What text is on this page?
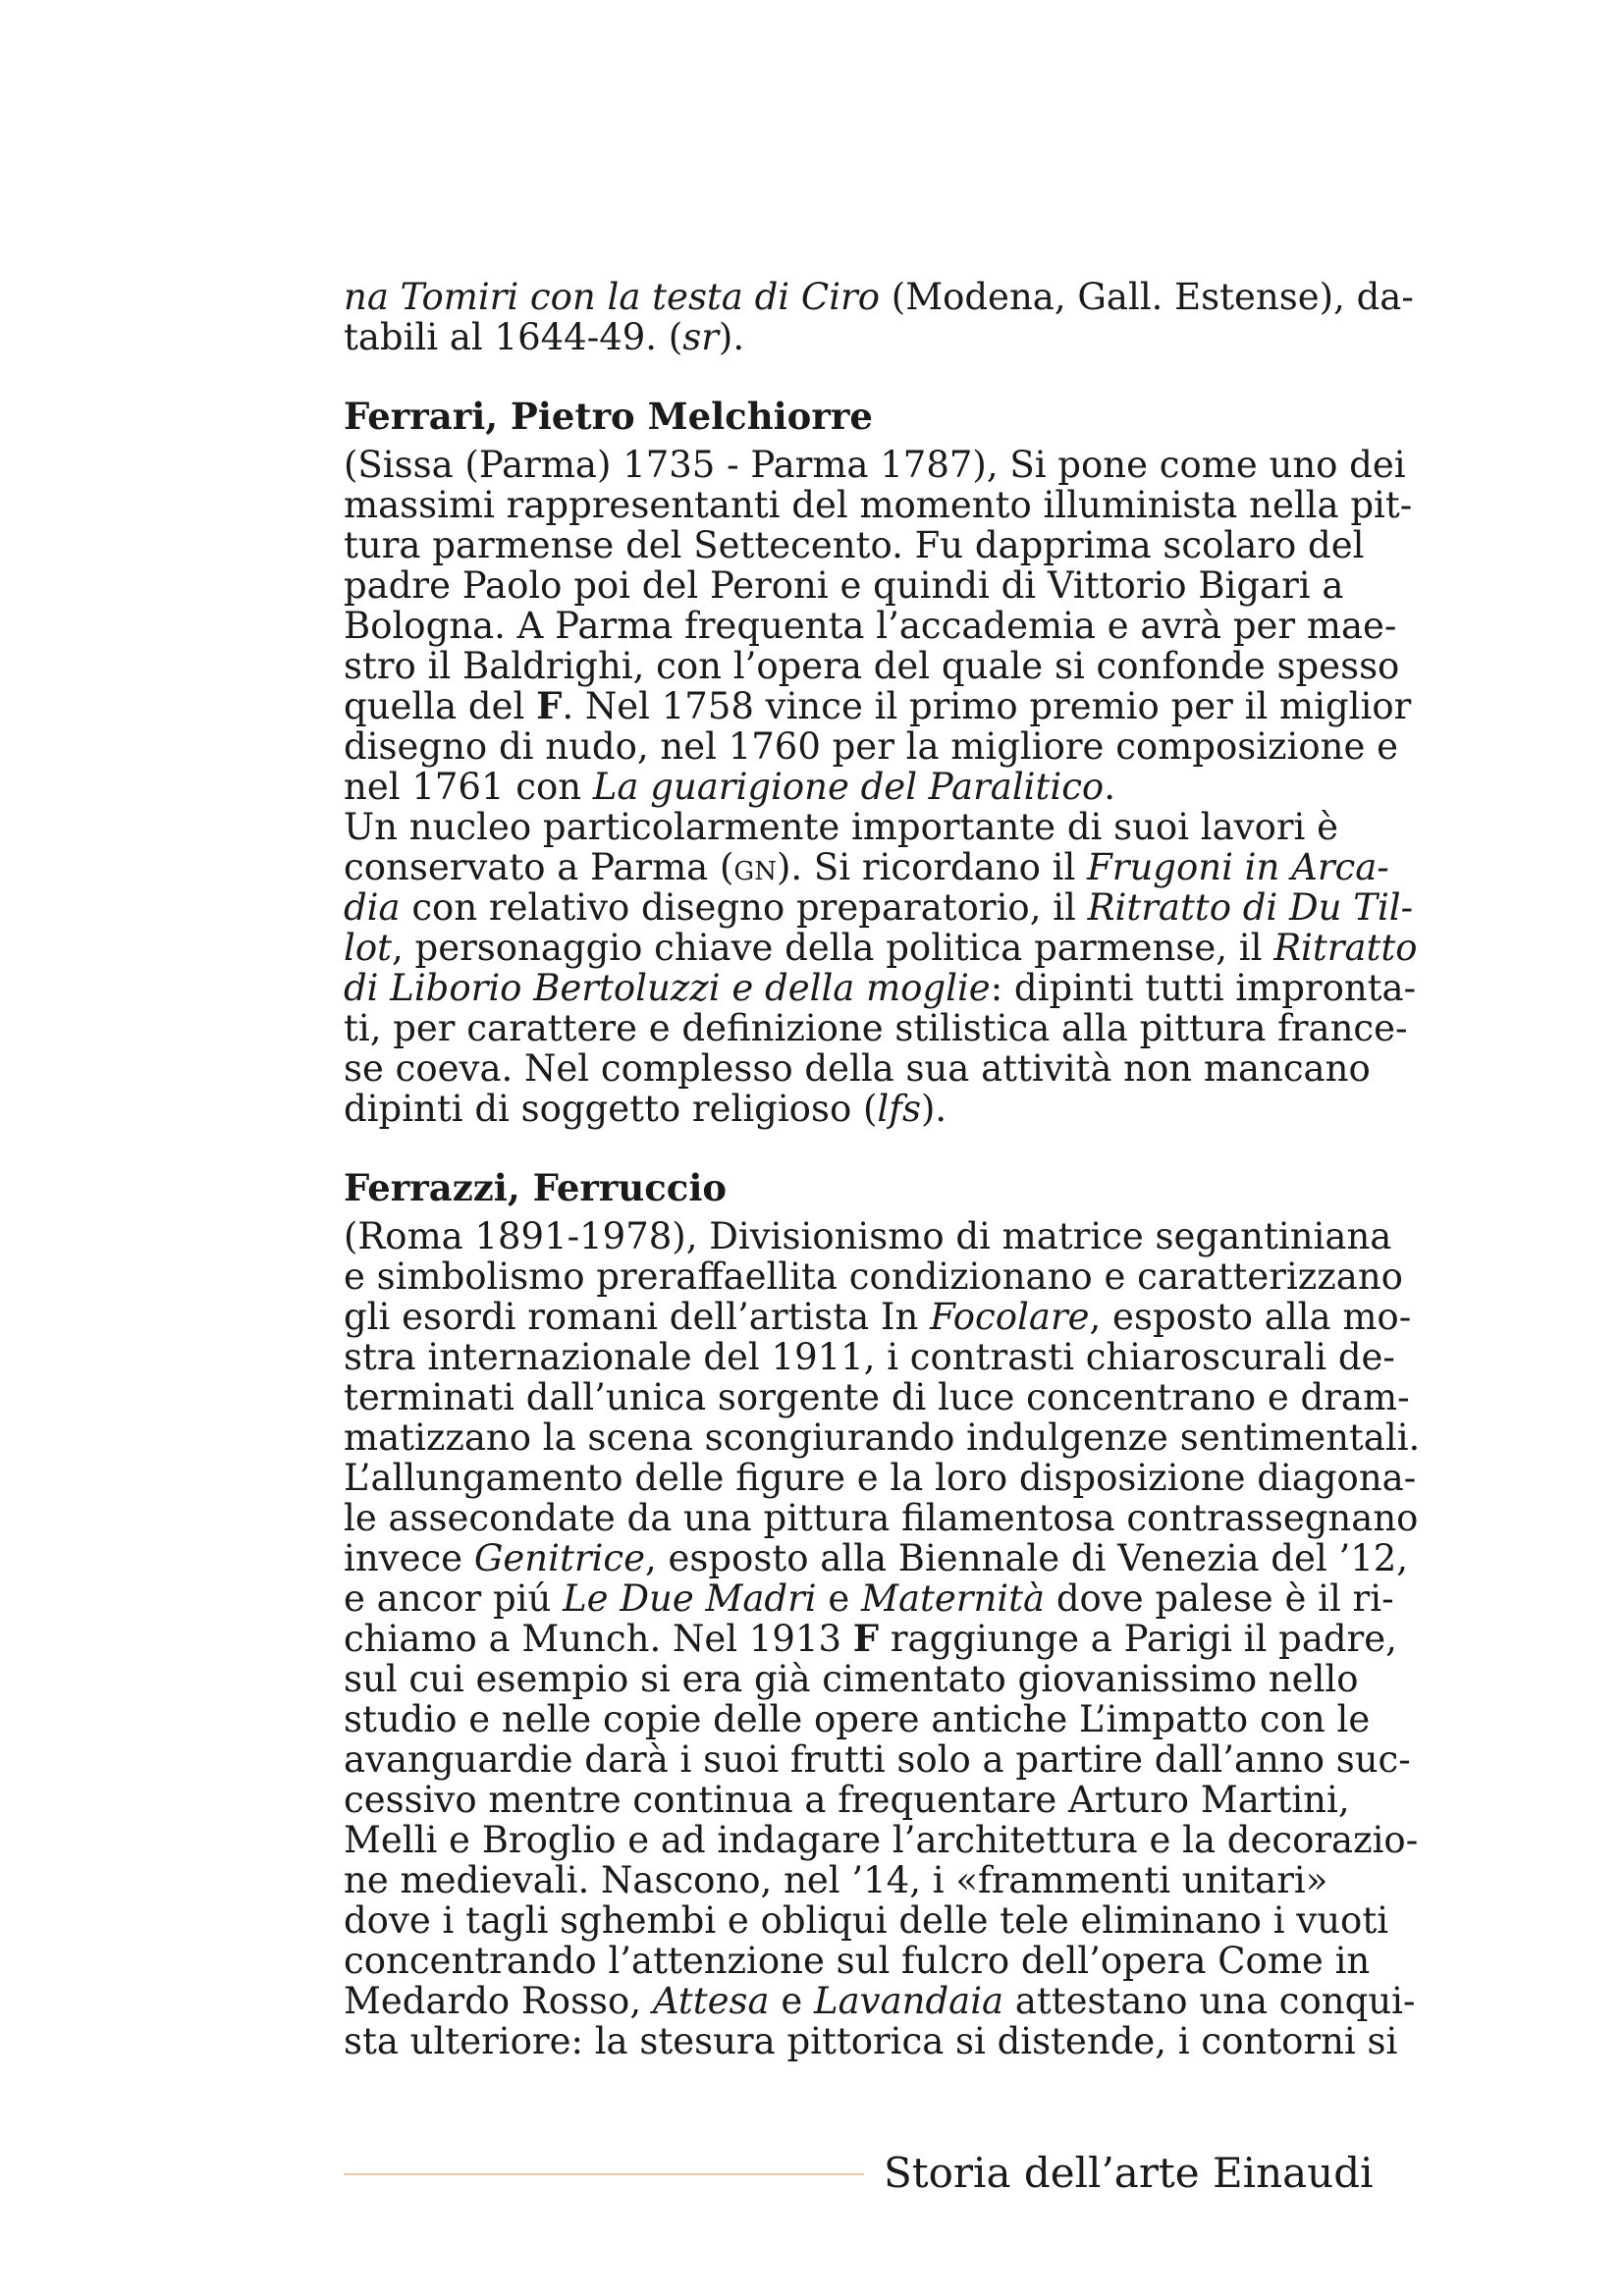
na Tomiri con la testa di Ciro (Modena, Gall. Estense), da-
tabili al 1644-49. (sr).
Ferrari, Pietro Melchiorre
(Sissa (Parma) 1735 - Parma 1787), Si pone come uno dei
massimi rappresentanti del momento illuminista nella pit-
tura parmense del Settecento. Fu dapprima scolaro del
padre Paolo poi del Peroni e quindi di Vittorio Bigari a
Bologna. A Parma frequenta l’accademia e avrà per mae-
stro il Baldrighi, con l’opera del quale si confonde spesso
quella del F. Nel 1758 vince il primo premio per il miglior
disegno di nudo, nel 1760 per la migliore composizione e
nel 1761 con La guarigione del Paralitico.
Un nucleo particolarmente importante di suoi lavori è
conservato a Parma (gn). Si ricordano il Frugoni in Arca-
dia con relativo disegno preparatorio, il Ritratto di Du Til-
lot, personaggio chiave della politica parmense, il Ritratto
di Liborio Bertoluzzi e della moglie: dipinti tutti improntа-
ti, per carattere e definizione stilistica alla pittura france-
se coeva. Nel complesso della sua attività non mancano
dipinti di soggetto religioso (lfs).
Ferrazzi, Ferruccio
(Roma 1891-1978), Divisionismo di matrice segantiniana
e simbolismo preraffaellita condizionano e caratterizzano
gli esordi romani dell’artista In Focolare, esposto alla mo-
stra internazionale del 1911, i contrasti chiaroscurali de-
terminati dall’unica sorgente di luce concentrano e dram-
matizzano la scena scongiurando indulgenze sentimentali.
L’allungamento delle figure e la loro disposizione diagona-
le assecondate da una pittura filamentosa contrassegnano
invece Genitrice, esposto alla Biennale di Venezia del ’12,
e ancor piú Le Due Madri e Maternità dove palese è il ri-
chiamo a Munch. Nel 1913 F raggiunge a Parigi il padre,
sul cui esempio si era già cimentato giovanissimo nello
studio e nelle copie delle opere antiche L’impatto con le
avanguardie darà i suoi frutti solo a partire dall’anno suc-
cessivo mentre continua a frequentare Arturo Martini,
Melli e Broglio e ad indagare l’architettura e la decorazio-
ne medievali. Nascono, nel ’14, i «frammenti unitari»
dove i tagli sghembi e obliqui delle tele eliminano i vuoti
concentrando l’attenzione sul fulcro dell’opera Come in
Medardo Rosso, Attesa e Lavandaia attestano una conqui-
sta ulteriore: la stesura pittorica si distende, i contorni si
Storia dell’arte Einaudi
